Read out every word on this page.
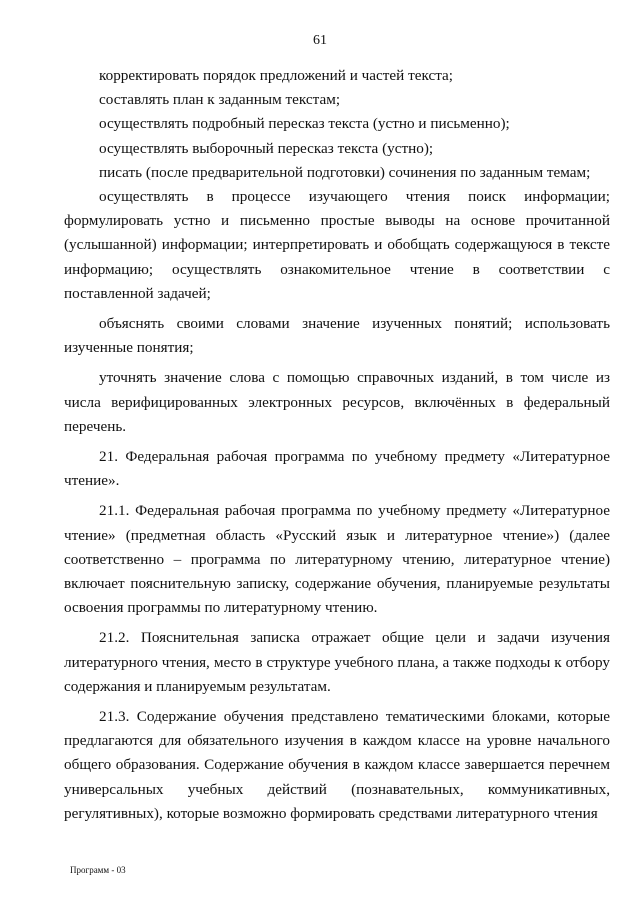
61

корректировать порядок предложений и частей текста;

составлять план к заданным текстам;

осуществлять подробный пересказ текста (устно и письменно);

осуществлять выборочный пересказ текста (устно);

писать (после предварительной подготовки) сочинения по заданным темам;

осуществлять в процессе изучающего чтения поиск информации; формулировать устно и письменно простые выводы на основе прочитанной (услышанной) информации; интерпретировать и обобщать содержащуюся в тексте информацию; осуществлять ознакомительное чтение в соответствии с поставленной задачей;

объяснять своими словами значение изученных понятий; использовать изученные понятия;

уточнять значение слова с помощью справочных изданий, в том числе из числа верифицированных электронных ресурсов, включённых в федеральный перечень.

21. Федеральная рабочая программа по учебному предмету «Литературное чтение».

21.1. Федеральная рабочая программа по учебному предмету «Литературное чтение» (предметная область «Русский язык и литературное чтение») (далее соответственно – программа по литературному чтению, литературное чтение) включает пояснительную записку, содержание обучения, планируемые результаты освоения программы по литературному чтению.

21.2. Пояснительная записка отражает общие цели и задачи изучения литературного чтения, место в структуре учебного плана, а также подходы к отбору содержания и планируемым результатам.

21.3. Содержание обучения представлено тематическими блоками, которые предлагаются для обязательного изучения в каждом классе на уровне начального общего образования. Содержание обучения в каждом классе завершается перечнем универсальных учебных действий (познавательных, коммуникативных, регулятивных), которые возможно формировать средствами литературного чтения

Программ - 03
